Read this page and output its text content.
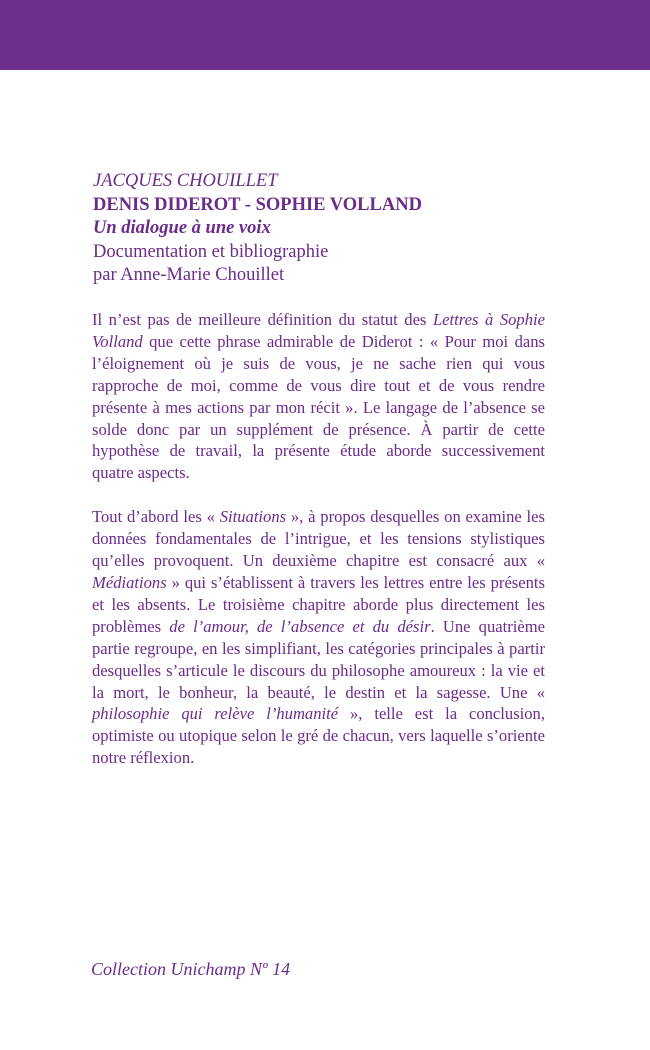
JACQUES CHOUILLET
DENIS DIDEROT - SOPHIE VOLLAND
Un dialogue à une voix
Documentation et bibliographie
par Anne-Marie Chouillet

Il n’est pas de meilleure définition du statut des Lettres à Sophie Volland que cette phrase admirable de Diderot : « Pour moi dans l’éloignement où je suis de vous, je ne sache rien qui vous rapproche de moi, comme de vous dire tout et de vous rendre présente à mes actions par mon récit ». Le langage de l’absence se solde donc par un supplément de présence. À partir de cette hypothèse de travail, la présente étude aborde successivement quatre aspects.

Tout d’abord les « Situations », à propos desquelles on examine les données fondamentales de l’intrigue, et les tensions stylistiques qu’elles provoquent. Un deuxième chapitre est consacré aux « Médiations » qui s’établissent à travers les lettres entre les présents et les absents. Le troisième chapitre aborde plus directement les problèmes de l’amour, de l’absence et du désir. Une quatrième partie regroupe, en les simplifiant, les catégories principales à partir desquelles s’articule le discours du philosophe amoureux : la vie et la mort, le bonheur, la beauté, le destin et la sagesse. Une « philosophie qui relève l’humanité », telle est la conclusion, optimiste ou utopique selon le gré de chacun, vers laquelle s’oriente notre réflexion.

Collection Unichamp Nº 14
